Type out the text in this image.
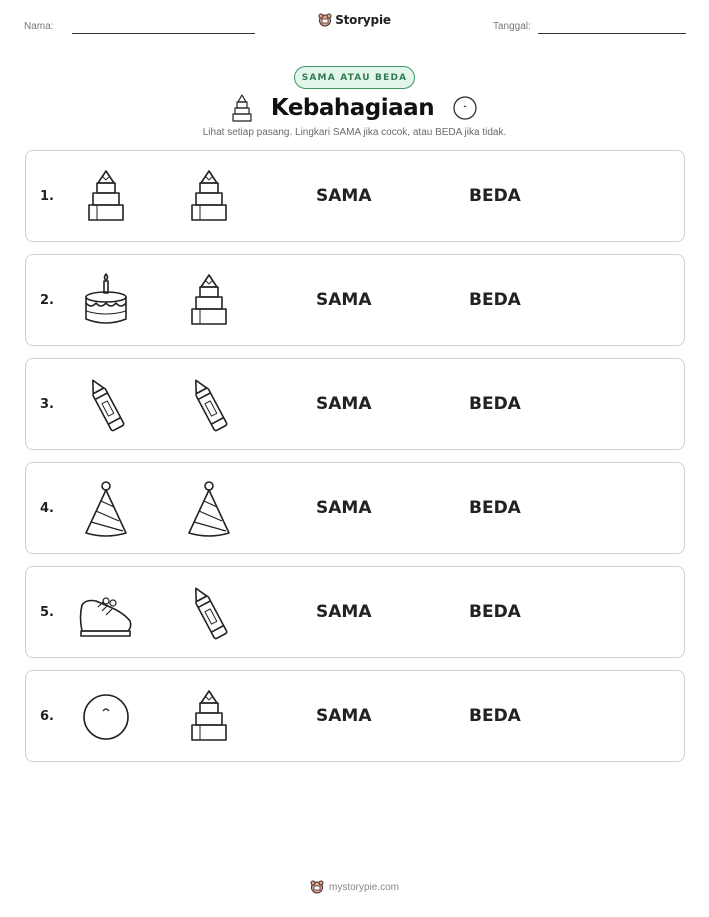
Nama:	Storypie	Tanggal:
SAMA ATAU BEDA
Kebahagiaan
Lihat setiap pasang. Lingkari SAMA jika cocok, atau BEDA jika tidak.
1.	SAMA	BEDA
2.	SAMA	BEDA
3.	SAMA	BEDA
4.	SAMA	BEDA
5.	SAMA	BEDA
6.	SAMA	BEDA
mystorypie.com
